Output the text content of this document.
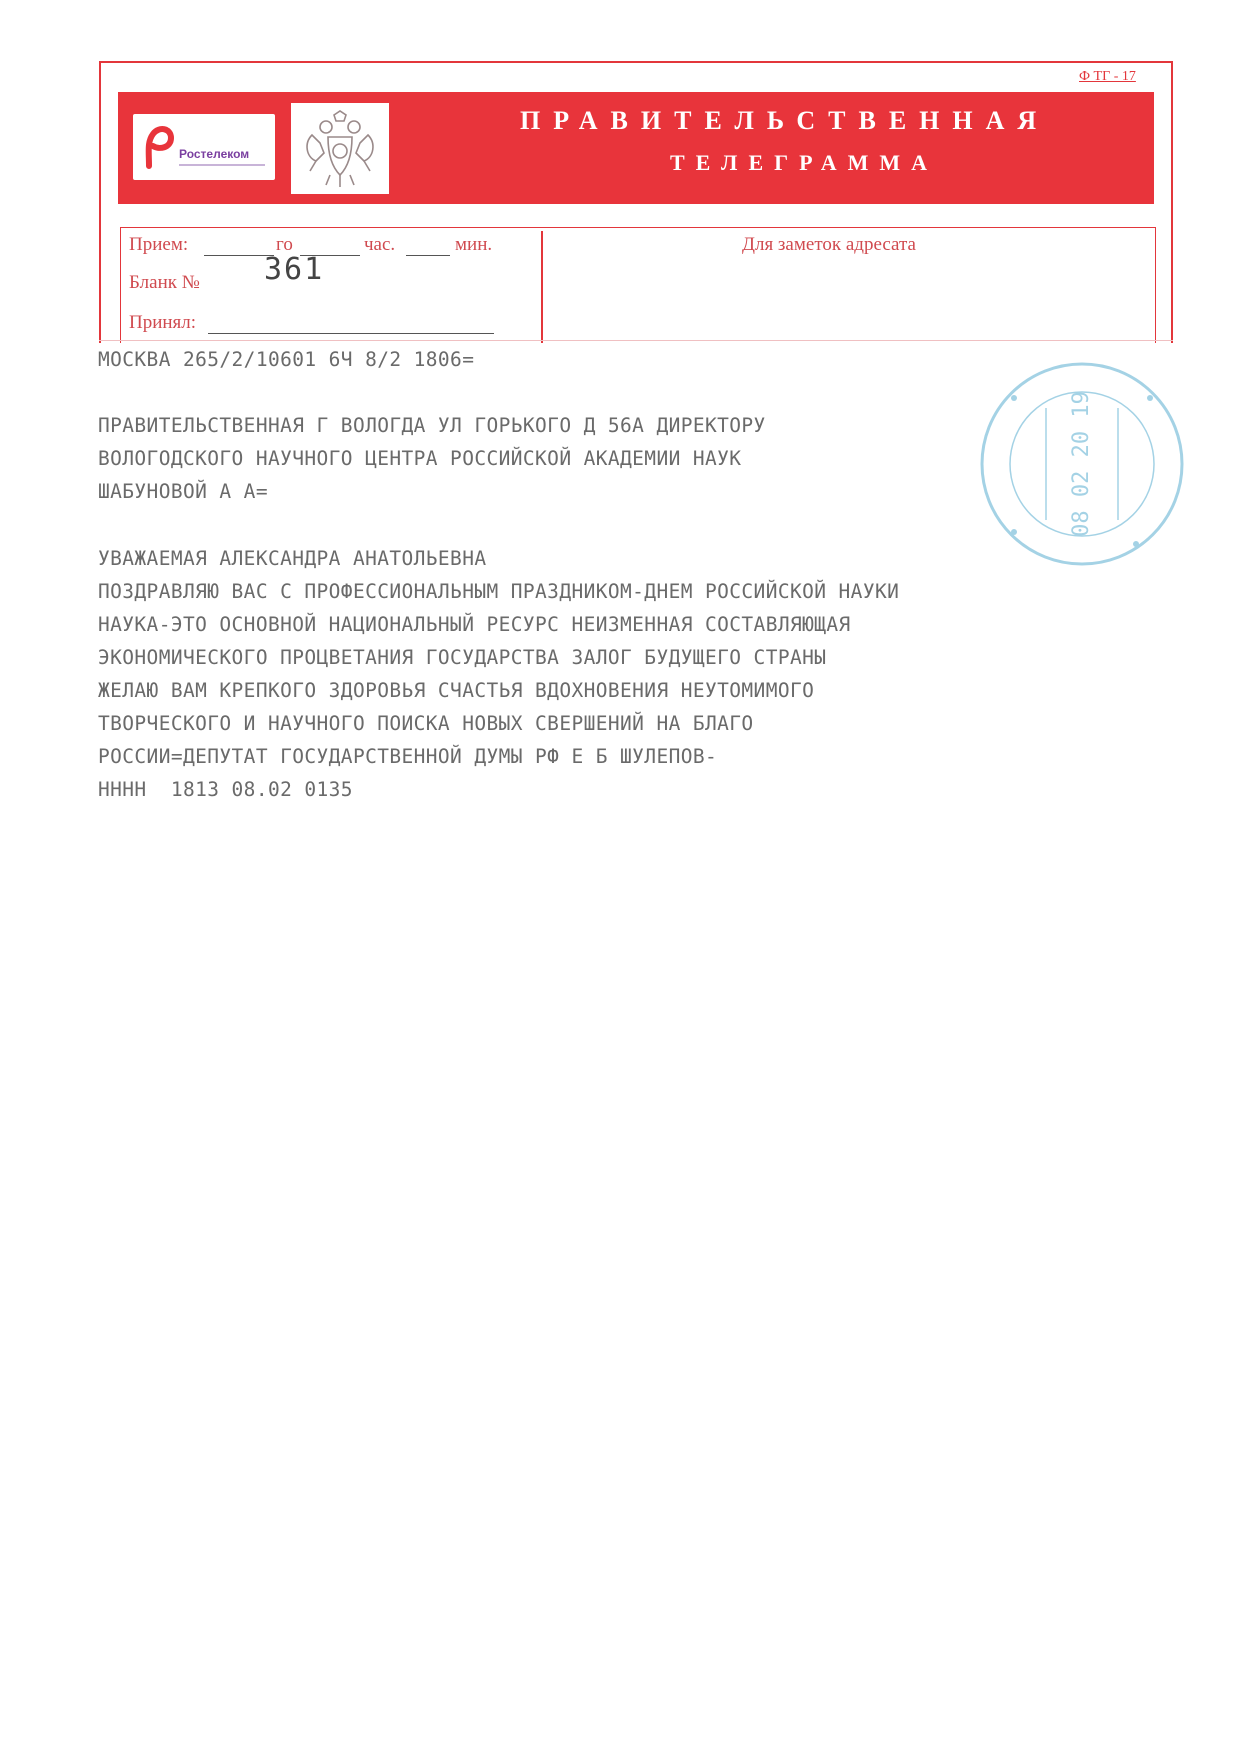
Ф ТГ - 17
Ростелеком
ПРАВИТЕЛЬСТВЕННАЯ
ТЕЛЕГРАММА
Прием:	го	час.	мин.
Бланк № 361
Принял:
Для заметок адресата
МОСКВА 265/2/10601 6Ч 8/2 1806=
ПРАВИТЕЛЬСТВЕННАЯ Г ВОЛОГДА УЛ ГОРЬКОГО Д 56А ДИРЕКТОРУ
ВОЛОГОДСКОГО НАУЧНОГО ЦЕНТРА РОССИЙСКОЙ АКАДЕМИИ НАУК
ШАБУНОВОЙ А А=
УВАЖАЕМАЯ АЛЕКСАНДРА АНАТОЛЬЕВНА
ПОЗДРАВЛЯЮ ВАС С ПРОФЕССИОНАЛЬНЫМ ПРАЗДНИКОМ-ДНЕМ РОССИЙСКОЙ НАУКИ
НАУКА-ЭТО ОСНОВНОЙ НАЦИОНАЛЬНЫЙ РЕСУРС НЕИЗМЕННАЯ СОСТАВЛЯЮЩАЯ
ЭКОНОМИЧЕСКОГО ПРОЦВЕТАНИЯ ГОСУДАРСТВА ЗАЛОГ БУДУЩЕГО СТРАНЫ
ЖЕЛАЮ ВАМ КРЕПКОГО ЗДОРОВЬЯ СЧАСТЬЯ ВДОХНОВЕНИЯ НЕУТОМИМОГО
ТВОРЧЕСКОГО И НАУЧНОГО ПОИСКА НОВЫХ СВЕРШЕНИЙ НА БЛАГО
РОССИИ=ДЕПУТАТ ГОСУДАРСТВЕННОЙ ДУМЫ РФ Е Б ШУЛЕПОВ-
НННН  1813 08.02 0135
08 02 20 19
